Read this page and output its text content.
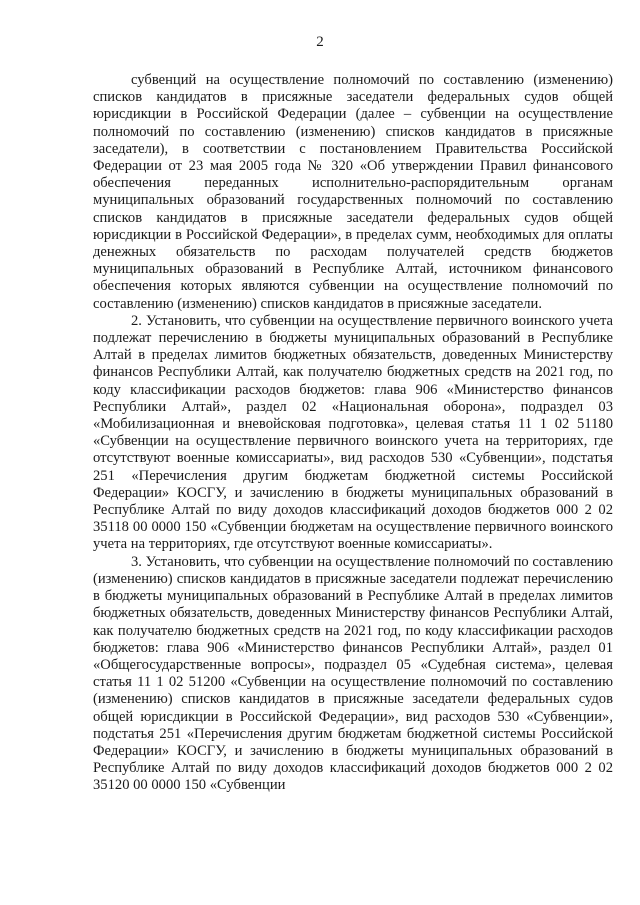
2

субвенций на осуществление полномочий по составлению (изменению) списков кандидатов в присяжные заседатели федеральных судов общей юрисдикции в Российской Федерации (далее – субвенции на осуществление полномочий по составлению (изменению) списков кандидатов в присяжные заседатели), в соответствии с постановлением Правительства Российской Федерации от 23 мая 2005 года № 320 «Об утверждении Правил финансового обеспечения переданных исполнительно-распорядительным органам муниципальных образований государственных полномочий по составлению списков кандидатов в присяжные заседатели федеральных судов общей юрисдикции в Российской Федерации», в пределах сумм, необходимых для оплаты денежных обязательств по расходам получателей средств бюджетов муниципальных образований в Республике Алтай, источником финансового обеспечения которых являются субвенции на осуществление полномочий по составлению (изменению) списков кандидатов в присяжные заседатели.

2. Установить, что субвенции на осуществление первичного воинского учета подлежат перечислению в бюджеты муниципальных образований в Республике Алтай в пределах лимитов бюджетных обязательств, доведенных Министерству финансов Республики Алтай, как получателю бюджетных средств на 2021 год, по коду классификации расходов бюджетов: глава 906 «Министерство финансов Республики Алтай», раздел 02 «Национальная оборона», подраздел 03 «Мобилизационная и вневойсковая подготовка», целевая статья 11 1 02 51180 «Субвенции на осуществление первичного воинского учета на территориях, где отсутствуют военные комиссариаты», вид расходов 530 «Субвенции», подстатья 251 «Перечисления другим бюджетам бюджетной системы Российской Федерации» КОСГУ, и зачислению в бюджеты муниципальных образований в Республике Алтай по виду доходов классификаций доходов бюджетов 000 2 02 35118 00 0000 150 «Субвенции бюджетам на осуществление первичного воинского учета на территориях, где отсутствуют военные комиссариаты».

3. Установить, что субвенции на осуществление полномочий по составлению (изменению) списков кандидатов в присяжные заседатели подлежат перечислению в бюджеты муниципальных образований в Республике Алтай в пределах лимитов бюджетных обязательств, доведенных Министерству финансов Республики Алтай, как получателю бюджетных средств на 2021 год, по коду классификации расходов бюджетов: глава 906 «Министерство финансов Республики Алтай», раздел 01 «Общегосударственные вопросы», подраздел 05 «Судебная система», целевая статья 11 1 02 51200 «Субвенции на осуществление полномочий по составлению (изменению) списков кандидатов в присяжные заседатели федеральных судов общей юрисдикции в Российской Федерации», вид расходов 530 «Субвенции», подстатья 251 «Перечисления другим бюджетам бюджетной системы Российской Федерации» КОСГУ, и зачислению в бюджеты муниципальных образований в Республике Алтай по виду доходов классификаций доходов бюджетов 000 2 02 35120 00 0000 150 «Субвенции
